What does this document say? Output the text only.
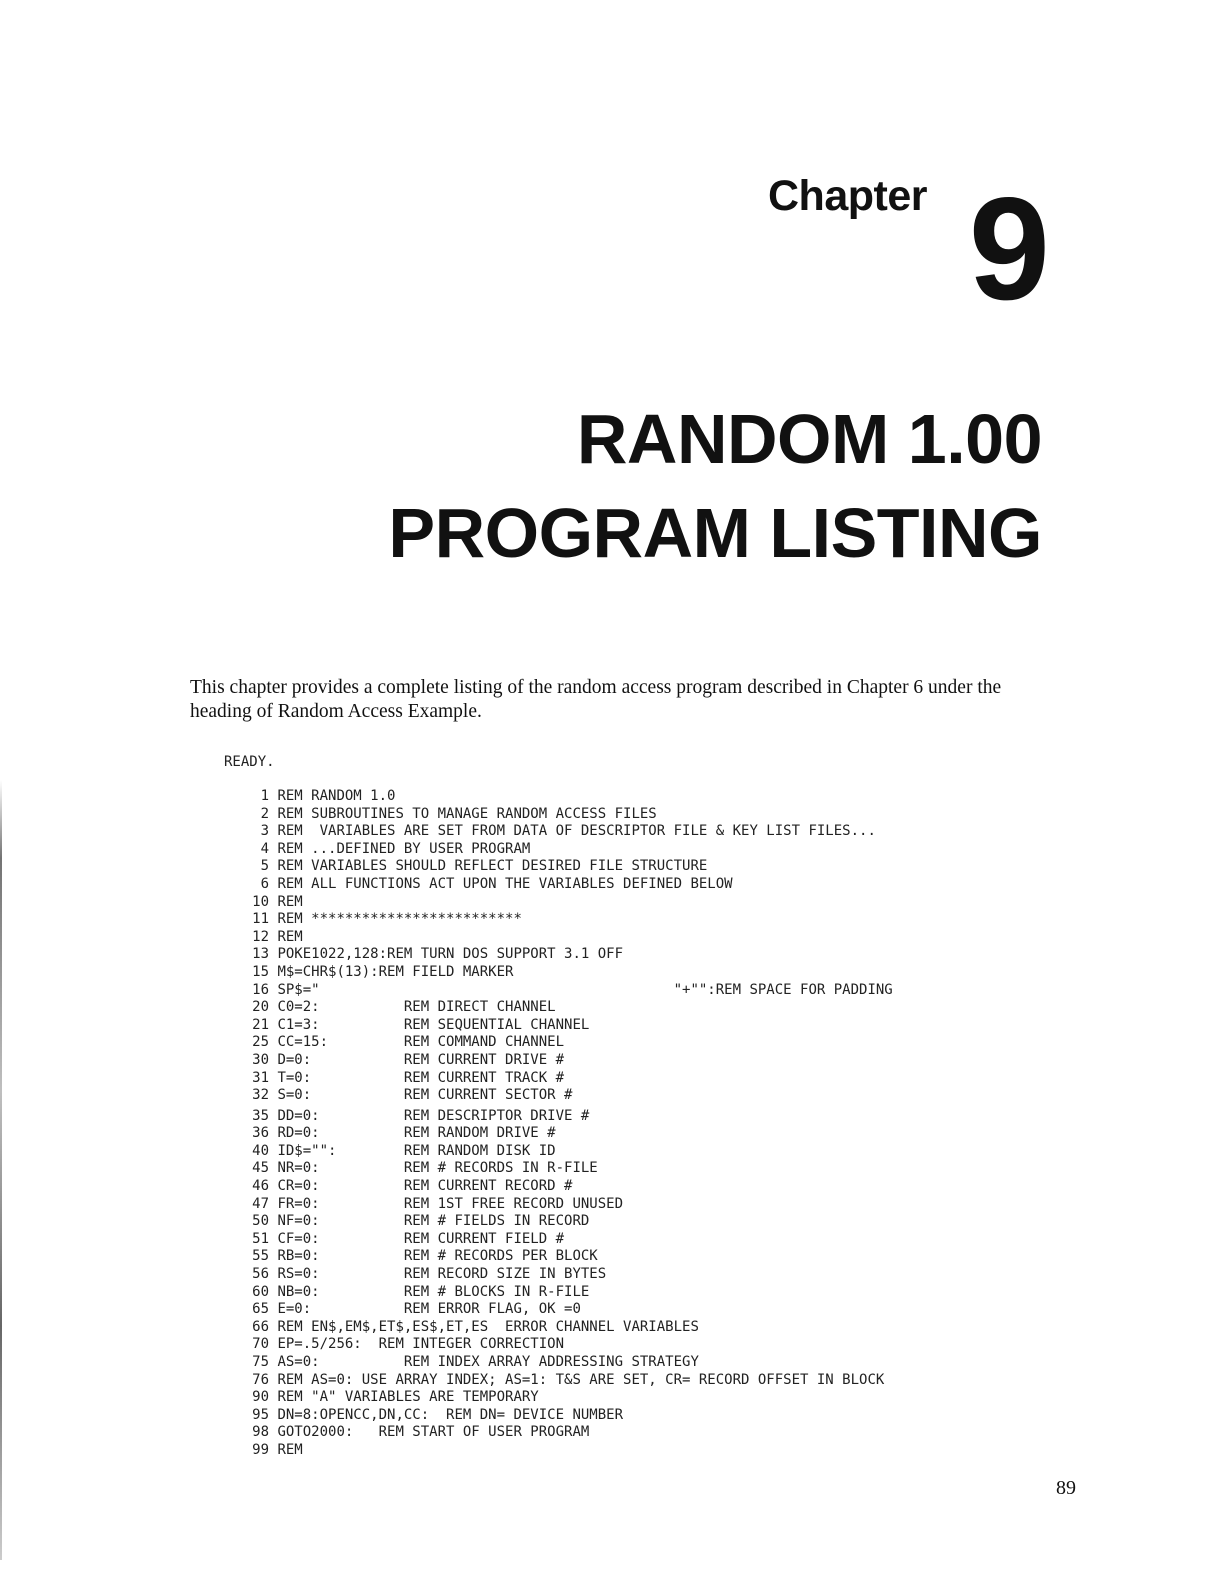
Chapter 9
RANDOM 1.00
PROGRAM LISTING
This chapter provides a complete listing of the random access program described in Chapter 6 under the heading of Random Access Example.
READY.
1 REM RANDOM 1.0
2 REM SUBROUTINES TO MANAGE RANDOM ACCESS FILES
3 REM  VARIABLES ARE SET FROM DATA OF DESCRIPTOR FILE & KEY LIST FILES...
4 REM ...DEFINED BY USER PROGRAM
5 REM VARIABLES SHOULD REFLECT DESIRED FILE STRUCTURE
6 REM ALL FUNCTIONS ACT UPON THE VARIABLES DEFINED BELOW
10 REM
11 REM *************************
12 REM
13 POKE1022,128:REM TURN DOS SUPPORT 3.1 OFF
15 M$=CHR$(13):REM FIELD MARKER
16 SP$="                                          "+"":REM SPACE FOR PADDING
20 C0=2:          REM DIRECT CHANNEL
21 C1=3:          REM SEQUENTIAL CHANNEL
25 CC=15:         REM COMMAND CHANNEL
30 D=0:           REM CURRENT DRIVE #
31 T=0:           REM CURRENT TRACK #
32 S=0:           REM CURRENT SECTOR #
35 DD=0:          REM DESCRIPTOR DRIVE #
36 RD=0:          REM RANDOM DRIVE #
40 ID$="":        REM RANDOM DISK ID
45 NR=0:          REM # RECORDS IN R-FILE
46 CR=0:          REM CURRENT RECORD #
47 FR=0:          REM 1ST FREE RECORD UNUSED
50 NF=0:          REM # FIELDS IN RECORD
51 CF=0:          REM CURRENT FIELD #
55 RB=0:          REM # RECORDS PER BLOCK
56 RS=0:          REM RECORD SIZE IN BYTES
60 NB=0:          REM # BLOCKS IN R-FILE
65 E=0:           REM ERROR FLAG, OK =0
66 REM EN$,EM$,ET$,ES$,ET,ES  ERROR CHANNEL VARIABLES
70 EP=.5/256:  REM INTEGER CORRECTION
75 AS=0:          REM INDEX ARRAY ADDRESSING STRATEGY
76 REM AS=0: USE ARRAY INDEX; AS=1: T&S ARE SET, CR= RECORD OFFSET IN BLOCK
90 REM "A" VARIABLES ARE TEMPORARY
95 DN=8:OPENCC,DN,CC:  REM DN= DEVICE NUMBER
98 GOTO2000:   REM START OF USER PROGRAM
99 REM
89
